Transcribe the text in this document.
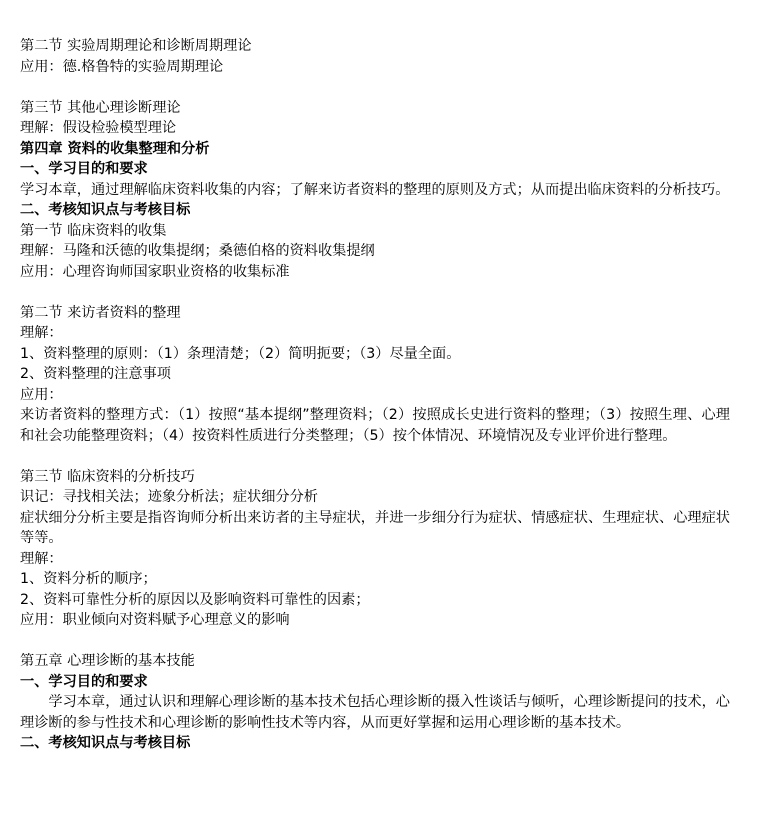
第二节 实验周期理论和诊断周期理论
应用：德.格鲁特的实验周期理论
第三节 其他心理诊断理论
理解：假设检验模型理论
第四章 资料的收集整理和分析
一、学习目的和要求
学习本章，通过理解临床资料收集的内容；了解来访者资料的整理的原则及方式；从而提出临床资料的分析技巧。
二、考核知识点与考核目标
第一节 临床资料的收集
理解：马隆和沃德的收集提纲；桑德伯格的资料收集提纲
应用：心理咨询师国家职业资格的收集标准
第二节 来访者资料的整理
理解：
1、资料整理的原则：（1）条理清楚；（2）简明扼要；（3）尽量全面。
2、资料整理的注意事项
应用：
来访者资料的整理方式：（1）按照“基本提纲”整理资料；（2）按照成长史进行资料的整理；（3）按照生理、心理和社会功能整理资料；（4）按资料性质进行分类整理；（5）按个体情况、环境情况及专业评价进行整理。
第三节 临床资料的分析技巧
识记：寻找相关法；迹象分析法；症状细分分析
症状细分分析主要是指咨询师分析出来访者的主导症状，并进一步细分行为症状、情感症状、生理症状、心理症状等等。
理解：
1、资料分析的顺序；
2、资料可靠性分析的原因以及影响资料可靠性的因素；
应用：职业倾向对资料赋予心理意义的影响
第五章 心理诊断的基本技能
一、学习目的和要求
学习本章，通过认识和理解心理诊断的基本技术包括心理诊断的摄入性谈话与倾听，心理诊断提问的技术，心理诊断的参与性技术和心理诊断的影响性技术等内容，从而更好掌握和运用心理诊断的基本技术。
二、考核知识点与考核目标
